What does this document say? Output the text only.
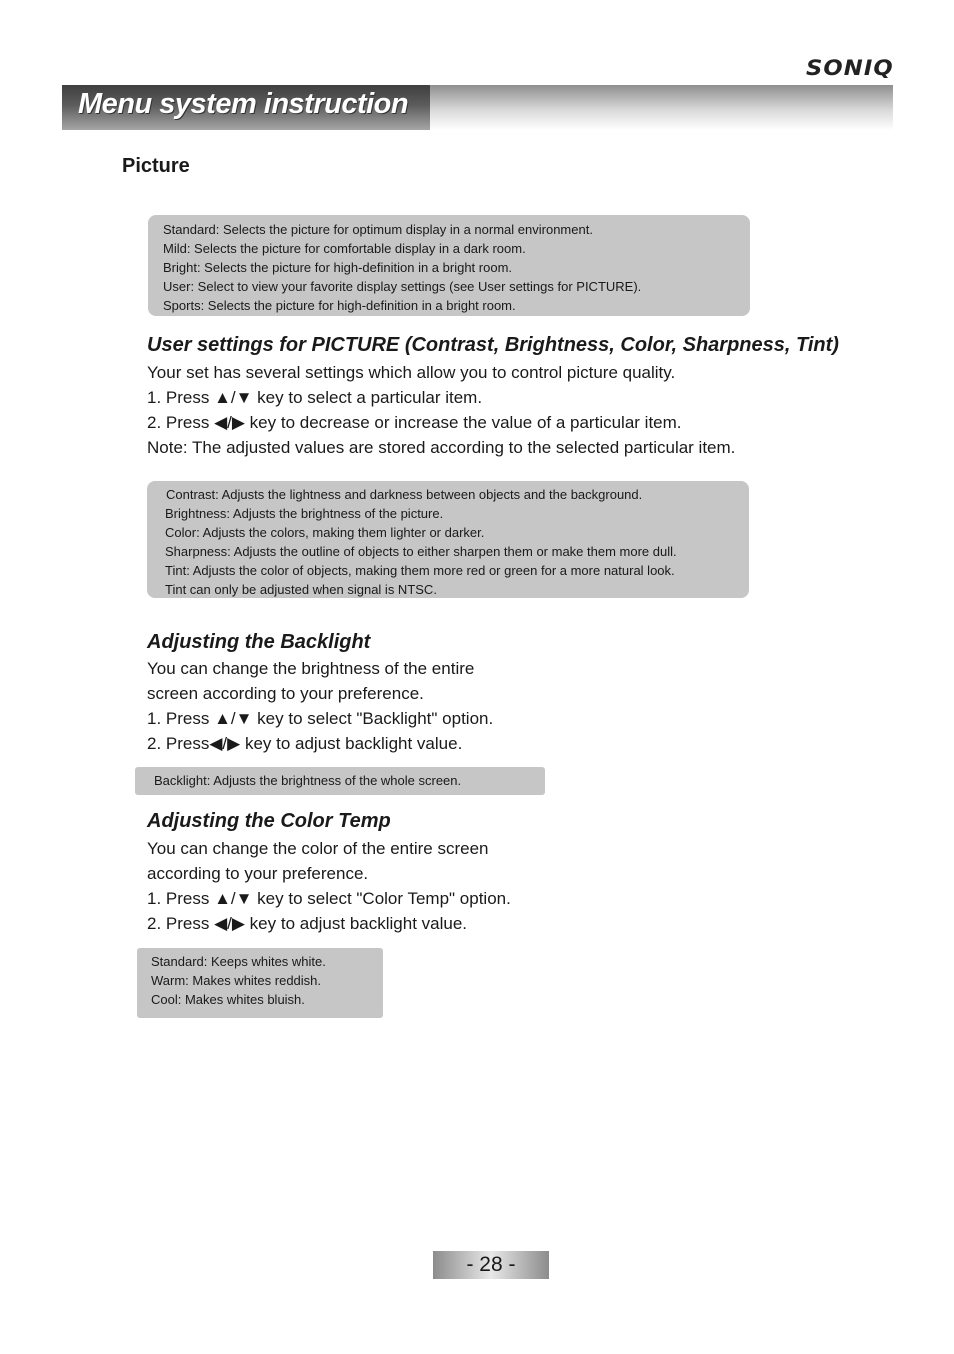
SONIQ
Menu system instruction
Picture
Standard: Selects the picture for optimum display in a normal environment.
Mild: Selects the picture for comfortable display in a dark room.
Bright: Selects the picture for high-definition in a bright room.
User: Select to view your favorite display settings (see User settings for PICTURE).
Sports: Selects the picture for high-definition in a bright room.
User settings for PICTURE (Contrast, Brightness, Color, Sharpness, Tint)
Your set has several settings which allow you to control picture quality.
1. Press ▲/▼ key to select a particular item.
2. Press ◀/▶ key to decrease or increase the value of a particular item.
Note: The adjusted values are stored according to the selected particular item.
Contrast: Adjusts the lightness and darkness between objects and the background.
Brightness: Adjusts the brightness of the picture.
Color: Adjusts the colors, making them lighter or darker.
Sharpness: Adjusts the outline of objects to either sharpen them or make them more dull.
Tint: Adjusts the color of objects, making them more red or green for a more natural look.
Tint can only be adjusted when signal is NTSC.
Adjusting the Backlight
You can change the brightness of the entire
screen according to your preference.
1. Press ▲/▼ key to select "Backlight" option.
2. Press◀/▶ key to adjust backlight value.
Backlight: Adjusts the brightness of the whole screen.
Adjusting the Color Temp
You can change the color of the entire screen
according to your preference.
1. Press ▲/▼ key to select "Color Temp" option.
2. Press ◀/▶ key to adjust backlight value.
Standard: Keeps whites white.
Warm: Makes whites reddish.
Cool: Makes whites bluish.
- 28 -
